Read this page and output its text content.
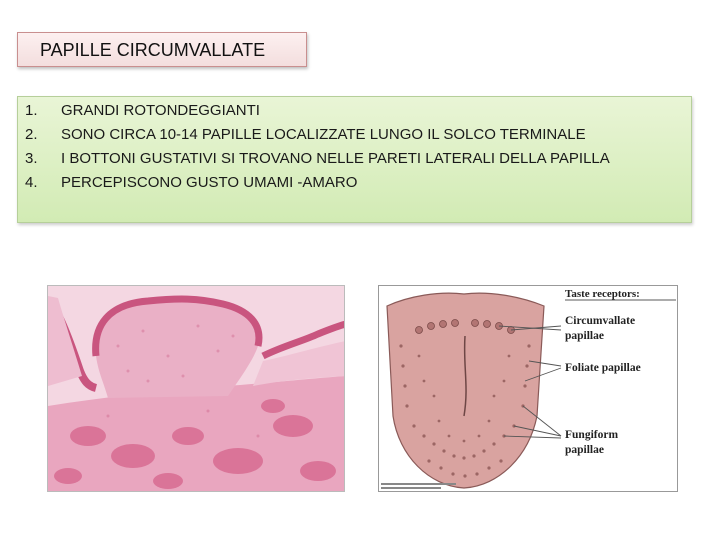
PAPILLE CIRCUMVALLATE
1.	GRANDI ROTONDEGGIANTI
2.	SONO CIRCA 10-14 PAPILLE LOCALIZZATE LUNGO IL SOLCO TERMINALE
3.	I BOTTONI GUSTATIVI SI TROVANO NELLE PARETI LATERALI DELLA PAPILLA
4.	PERCEPISCONO GUSTO UMAMI -AMARO
Taste receptors:
Circumvallate
papillae
Foliate papillae
Fungiform
papillae
